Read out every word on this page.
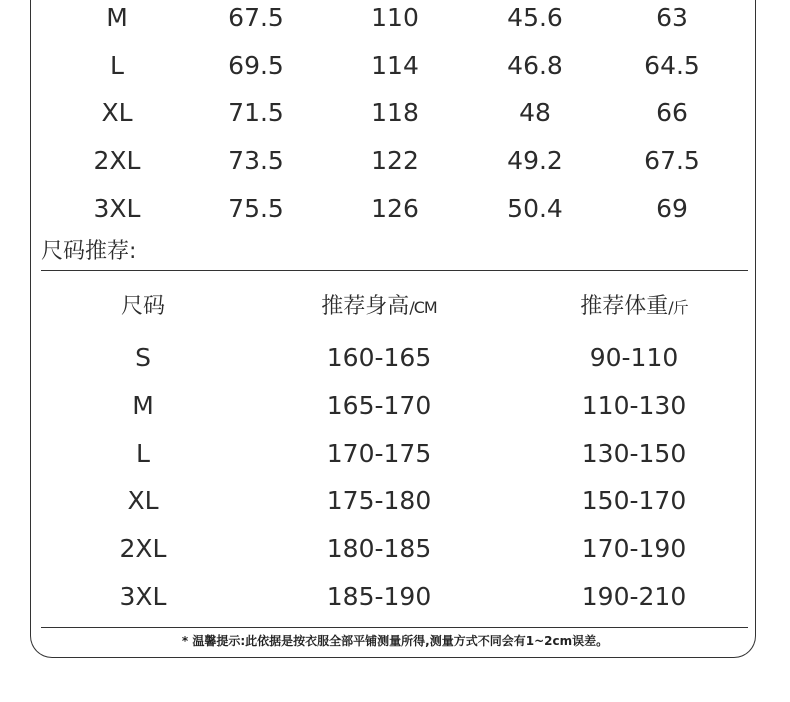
M	67.5	110	45.6	63
L	69.5	114	46.8	64.5
XL	71.5	118	48	66
2XL	73.5	122	49.2	67.5
3XL	75.5	126	50.4	69
尺码推荐:
尺码	推荐身高/CM	推荐体重/斤
S	160-165	90-110
M	165-170	110-130
L	170-175	130-150
XL	175-180	150-170
2XL	180-185	170-190
3XL	185-190	190-210
* 温馨提示:此依据是按衣服全部平铺测量所得,测量方式不同会有1~2cm误差。
